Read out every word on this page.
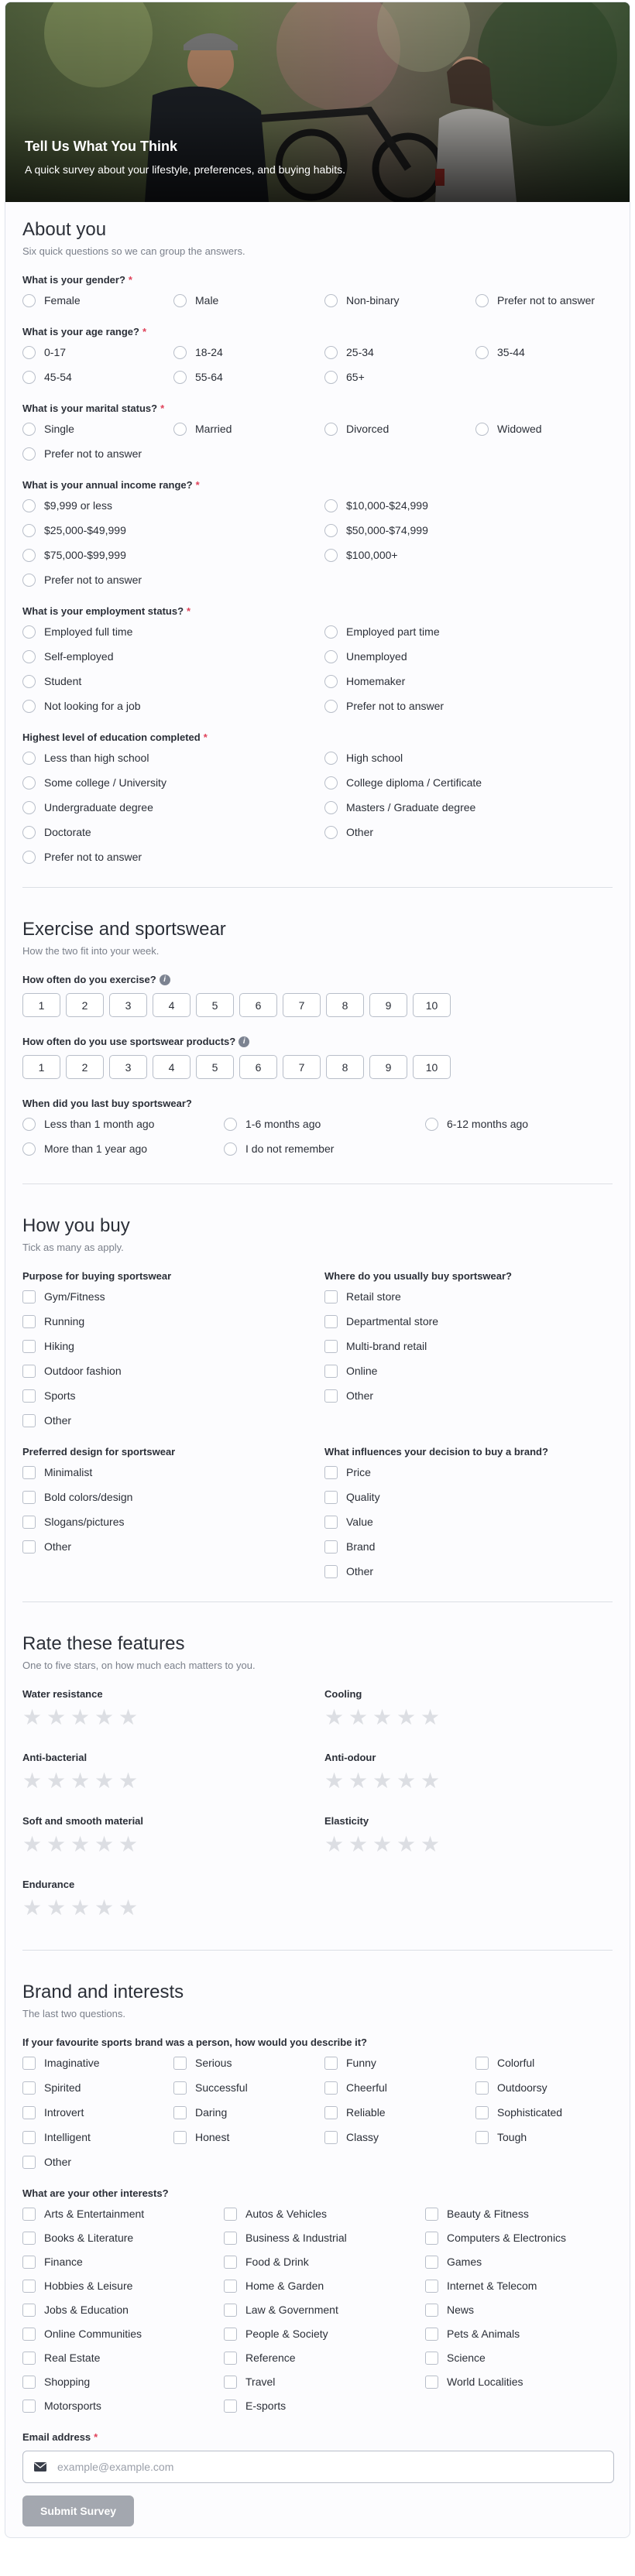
Tell Us What You Think

A quick survey about your lifestyle, preferences, and buying habits.

About you
Six quick questions so we can group the answers.
What is your gender? *
Female	Male	Non-binary	Prefer not to answer
What is your age range? *
0-17	18-24	25-34	35-44
45-54	55-64	65+
What is your marital status? *
Single	Married	Divorced	Widowed
Prefer not to answer
What is your annual income range? *
$9,999 or less	$10,000-$24,999
$25,000-$49,999	$50,000-$74,999
$75,000-$99,999	$100,000+
Prefer not to answer
What is your employment status? *
Employed full time	Employed part time
Self-employed	Unemployed
Student	Homemaker
Not looking for a job	Prefer not to answer
Highest level of education completed *
Less than high school	High school
Some college / University	College diploma / Certificate
Undergraduate degree	Masters / Graduate degree
Doctorate	Other
Prefer not to answer
Exercise and sportswear
How the two fit into your week.
How often do you exercise? i
1	2	3	4	5	6	7	8	9	10
How often do you use sportswear products? i
1	2	3	4	5	6	7	8	9	10
When did you last buy sportswear?
Less than 1 month ago	1-6 months ago	6-12 months ago
More than 1 year ago	I do not remember
How you buy
Tick as many as apply.
Purpose for buying sportswear
Gym/Fitness
Running
Hiking
Outdoor fashion
Sports
Other
Where do you usually buy sportswear?
Retail store
Departmental store
Multi-brand retail
Online
Other
Preferred design for sportswear
Minimalist
Bold colors/design
Slogans/pictures
Other
What influences your decision to buy a brand?
Price
Quality
Value
Brand
Other
Rate these features
One to five stars, on how much each matters to you.
Water resistance
★ ★ ★ ★ ★
Cooling
★ ★ ★ ★ ★
Anti-bacterial
★ ★ ★ ★ ★
Anti-odour
★ ★ ★ ★ ★
Soft and smooth material
★ ★ ★ ★ ★
Elasticity
★ ★ ★ ★ ★
Endurance
★ ★ ★ ★ ★
Brand and interests
The last two questions.
If your favourite sports brand was a person, how would you describe it?
Imaginative	Serious	Funny	Colorful
Spirited	Successful	Cheerful	Outdoorsy
Introvert	Daring	Reliable	Sophisticated
Intelligent	Honest	Classy	Tough
Other
What are your other interests?
Arts & Entertainment	Autos & Vehicles	Beauty & Fitness
Books & Literature	Business & Industrial	Computers & Electronics
Finance	Food & Drink	Games
Hobbies & Leisure	Home & Garden	Internet & Telecom
Jobs & Education	Law & Government	News
Online Communities	People & Society	Pets & Animals
Real Estate	Reference	Science
Shopping	Travel	World Localities
Motorsports	E-sports
Email address *
example@example.com
Submit Survey
